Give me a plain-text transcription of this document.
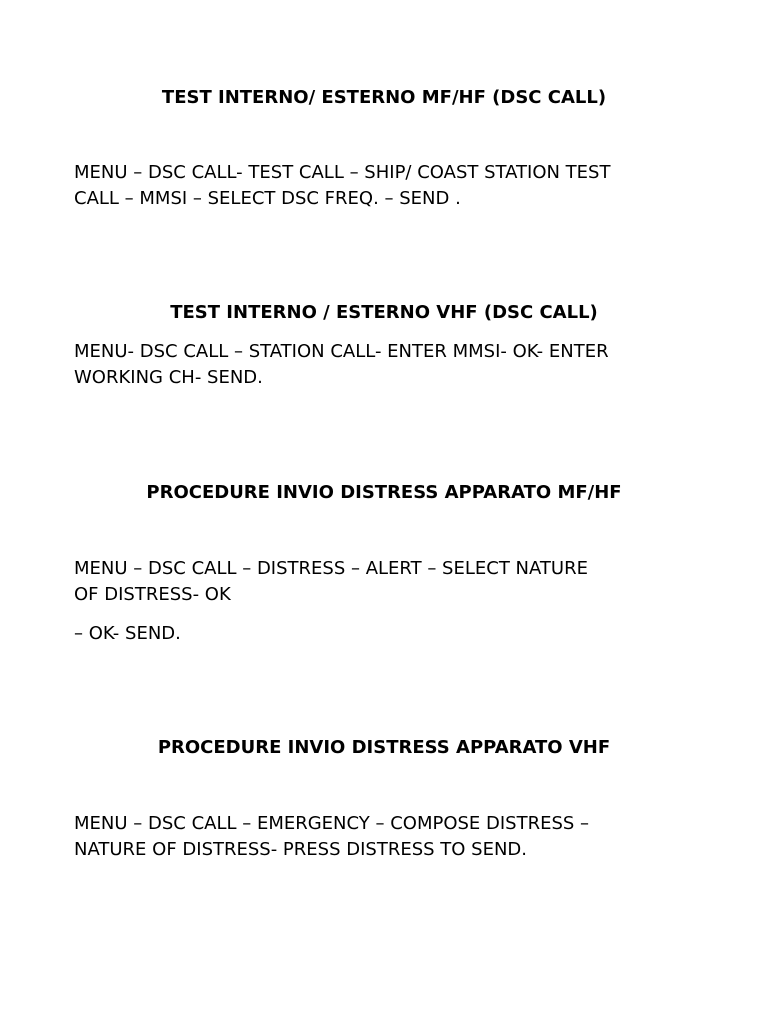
TEST INTERNO/ ESTERNO MF/HF (DSC CALL)

MENU – DSC CALL- TEST CALL – SHIP/ COAST STATION TEST
CALL – MMSI – SELECT DSC FREQ. – SEND .

TEST INTERNO / ESTERNO VHF (DSC CALL)

MENU- DSC CALL – STATION CALL- ENTER MMSI- OK- ENTER
WORKING CH- SEND.

PROCEDURE INVIO DISTRESS APPARATO MF/HF

MENU – DSC CALL – DISTRESS – ALERT – SELECT NATURE
OF DISTRESS- OK

– OK- SEND.

PROCEDURE INVIO DISTRESS APPARATO VHF

MENU – DSC CALL – EMERGENCY – COMPOSE DISTRESS –
NATURE OF DISTRESS- PRESS DISTRESS TO SEND.
